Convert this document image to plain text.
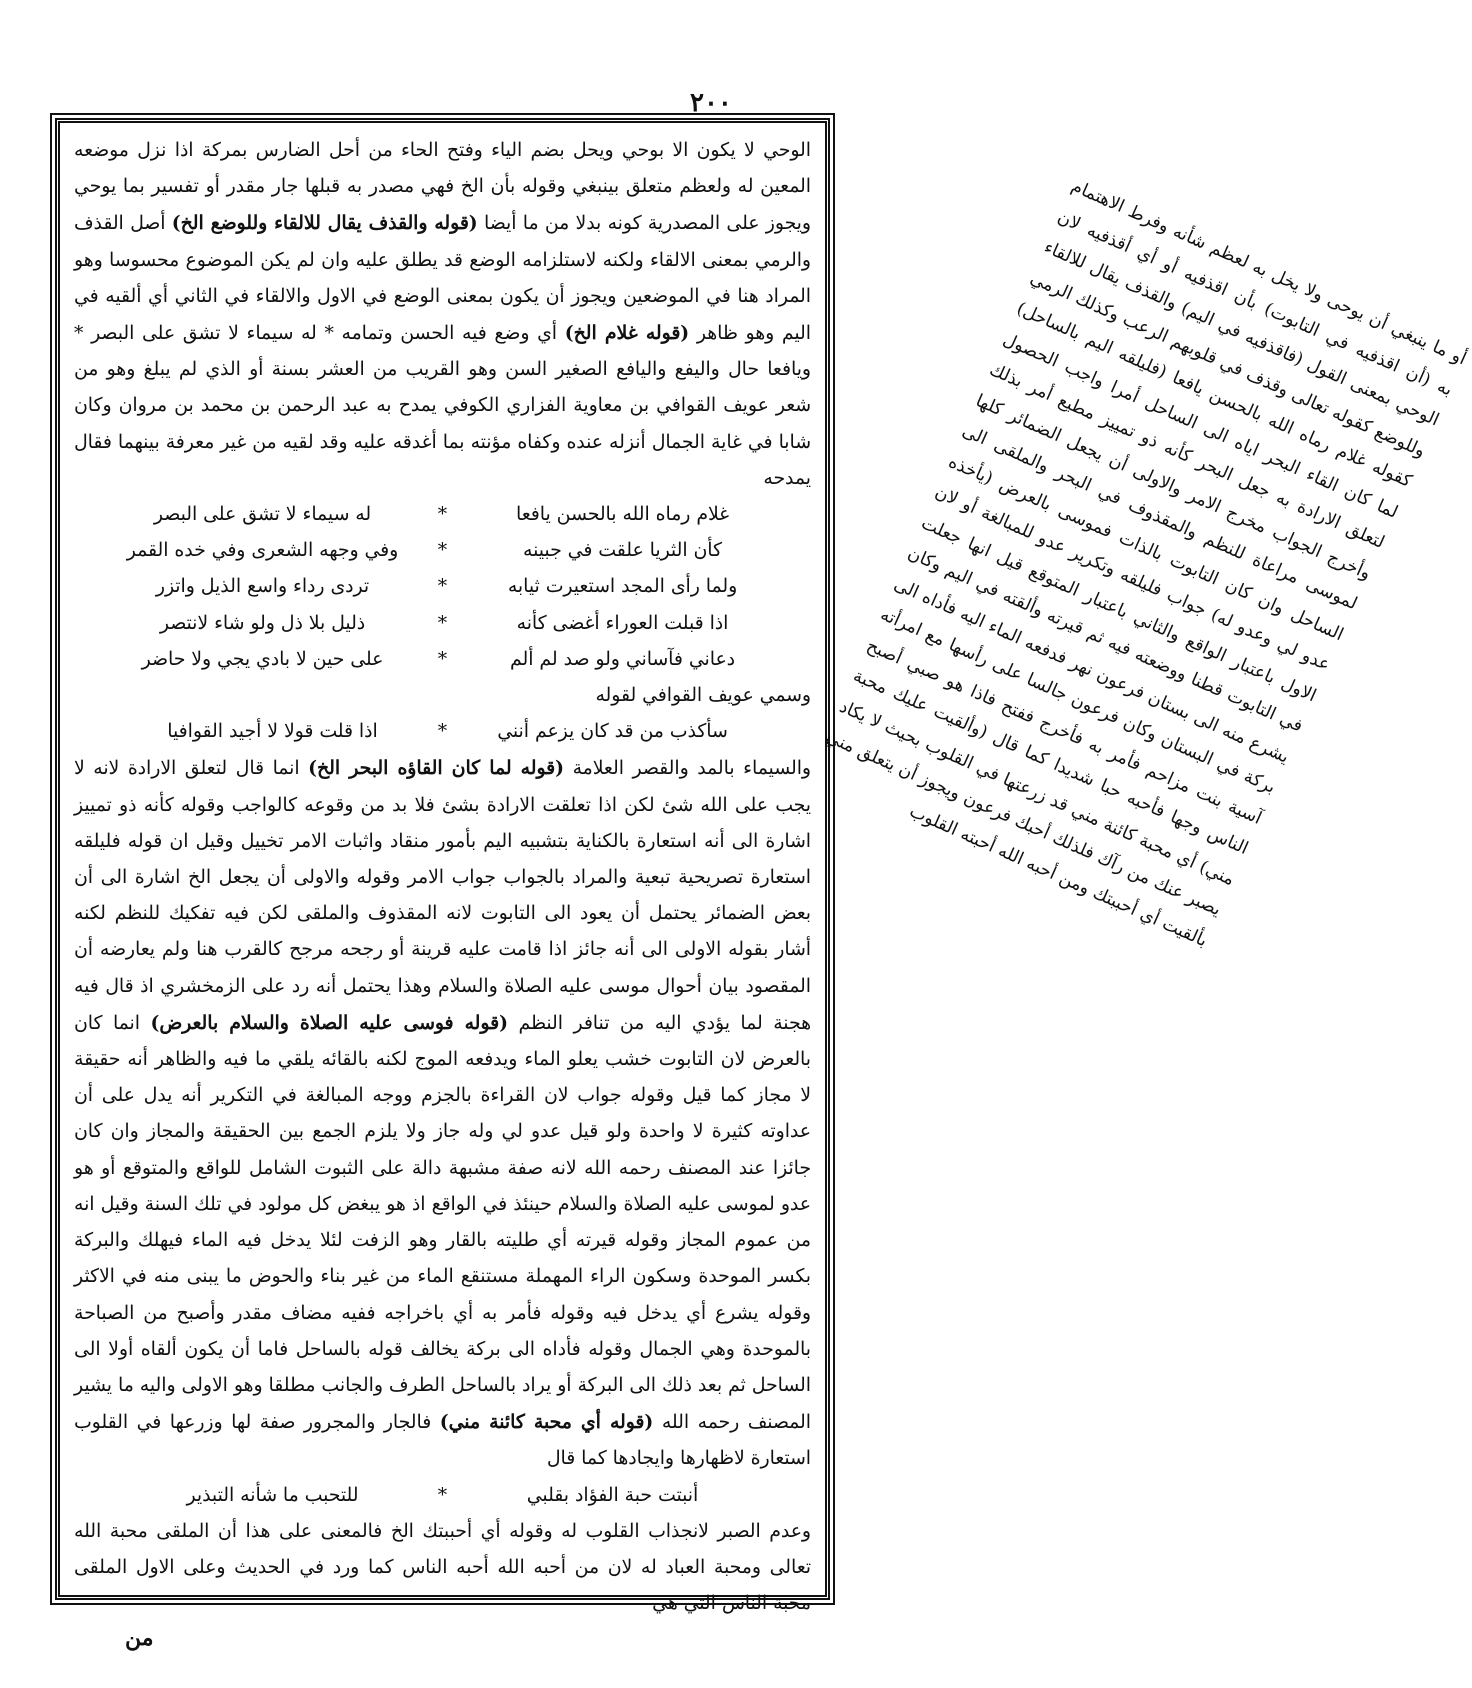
٢٠٠

الوحي لا يكون الا بوحي ويحل بضم الياء وفتح الحاء من أحل الضارس بمركة اذا نزل موضعه المعين له ولعظم متعلق بينبغي وقوله بأن الخ فهي مصدر به قبلها جار مقدر أو تفسير بما يوحي ويجوز على المصدرية كونه بدلا من ما أيضا (قوله والقذف يقال للالقاء وللوضع الخ) أصل القذف والرمي بمعنى الالقاء ولكنه لاستلزامه الوضع قد يطلق عليه وان لم يكن الموضوع محسوسا وهو المراد هنا في الموضعين ويجوز أن يكون بمعنى الوضع في الاول والالقاء في الثاني أي ألقيه في اليم وهو ظاهر (قوله غلام الخ) أي وضع فيه الحسن وتمامه * له سيماء لا تشق على البصر * ويافعا حال واليفع واليافع الصغير السن وهو القريب من العشر بسنة أو الذي لم يبلغ وهو من شعر عويف القوافي بن معاوية الفزاري الكوفي يمدح به عبد الرحمن بن محمد بن مروان وكان شابا في غاية الجمال أنزله عنده وكفاه مؤنته بما أغدقه عليه وقد لقيه من غير معرفة بينهما فقال يمدحه

غلام رماه الله بالحسن يافعا
*
له سيماء لا تشق على البصر
كأن الثريا علقت في جبينه
*
وفي وجهه الشعرى وفي خده القمر
ولما رأى المجد استعيرت ثيابه
*
تردى رداء واسع الذيل واتزر
اذا قبلت العوراء أغضى كأنه
*
ذليل بلا ذل ولو شاء لانتصر
دعاني فآساني ولو صد لم ألم
*
على حين لا بادي يجي ولا حاضر

وسمي عويف القوافي لقوله

سأكذب من قد كان يزعم أنني
*
اذا قلت قولا لا أجيد القوافيا

والسيماء بالمد والقصر العلامة (قوله لما كان القاؤه البحر الخ) انما قال لتعلق الارادة لانه لا يجب على الله شئ لكن اذا تعلقت الارادة بشئ فلا بد من وقوعه كالواجب وقوله كأنه ذو تمييز اشارة الى أنه استعارة بالكناية بتشبيه اليم بأمور منقاد واثبات الامر تخييل وقيل ان قوله فليلقه استعارة تصريحية تبعية والمراد بالجواب جواب الامر وقوله والاولى أن يجعل الخ اشارة الى أن بعض الضمائر يحتمل أن يعود الى التابوت لانه المقذوف والملقى لكن فيه تفكيك للنظم لكنه أشار بقوله الاولى الى أنه جائز اذا قامت عليه قرينة أو رجحه مرجح كالقرب هنا ولم يعارضه أن المقصود بيان أحوال موسى عليه الصلاة والسلام وهذا يحتمل أنه رد على الزمخشري اذ قال فيه هجنة لما يؤدي اليه من تنافر النظم (قوله فوسى عليه الصلاة والسلام بالعرض) انما كان بالعرض لان التابوت خشب يعلو الماء ويدفعه الموج لكنه بالقائه يلقي ما فيه والظاهر أنه حقيقة لا مجاز كما قيل وقوله جواب لان القراءة بالجزم ووجه المبالغة في التكرير أنه يدل على أن عداوته كثيرة لا واحدة ولو قيل عدو لي وله جاز ولا يلزم الجمع بين الحقيقة والمجاز وان كان جائزا عند المصنف رحمه الله لانه صفة مشبهة دالة على الثبوت الشامل للواقع والمتوقع أو هو عدو لموسى عليه الصلاة والسلام حينئذ في الواقع اذ هو يبغض كل مولود في تلك السنة وقيل انه من عموم المجاز وقوله قيرته أي طليته بالقار وهو الزفت لئلا يدخل فيه الماء فيهلك والبركة بكسر الموحدة وسكون الراء المهملة مستنقع الماء من غير بناء والحوض ما يبنى منه في الاكثر وقوله يشرع أي يدخل فيه وقوله فأمر به أي باخراجه ففيه مضاف مقدر وأصبح من الصباحة بالموحدة وهي الجمال وقوله فأداه الى بركة يخالف قوله بالساحل فاما أن يكون ألقاه أولا الى الساحل ثم بعد ذلك الى البركة أو يراد بالساحل الطرف والجانب مطلقا وهو الاولى واليه ما يشير المصنف رحمه الله (قوله أي محبة كائنة مني) فالجار والمجرور صفة لها وزرعها في القلوب استعارة لاظهارها وايجادها كما قال

أنبتت حبة الفؤاد بقلبي
*
للتحبب ما شأنه التبذير

وعدم الصبر لانجذاب القلوب له وقوله أي أحببتك الخ فالمعنى على هذا أن الملقى محبة الله تعالى ومحبة العباد له لان من أحبه الله أحبه الناس كما ورد في الحديث وعلى الاول الملقى محبة الناس التي هي

أو ما ينبغي أن يوحى ولا يخل به لعظم شأنه وفرط الاهتمام به (أن اقذفيه في التابوت) بأن اقذفيه أو أي أقذفيه لان الوحي بمعنى القول (فاقذفيه في اليم) والقذف يقال للالقاء وللوضع كقوله تعالى وقذف في قلوبهم الرعب وكذلك الرمي كقوله غلام رماه الله بالحسن يافعا (فليلقه اليم بالساحل) لما كان القاء البحر اياه الى الساحل أمرا واجب الحصول لتعلق الارادة به جعل البحر كأنه ذو تمييز مطيع أمر بذلك وأخرج الجواب مخرج الامر والاولى أن يجعل الضمائر كلها لموسى مراعاة للنظم والمقذوف في البحر والملقى الى الساحل وان كان التابوت بالذات فموسى بالعرض (يأخذه عدو لي وعدو له) جواب فليلقه وتكرير عدو للمبالغة أو لان الاول باعتبار الواقع والثاني باعتبار المتوقع قيل انها جعلت في التابوت قطنا ووضعته فيه ثم قيرته وألقته في اليم وكان يشرع منه الى بستان فرعون نهر فدفعه الماء اليه فأداه الى بركة في البستان وكان فرعون جالسا على رأسها مع امرأته آسية بنت مزاحم فأمر به فأخرج ففتح فاذا هو صبي أصبح الناس وجها فأحبه حبا شديدا كما قال (وألقيت عليك محبة مني) أي محبة كائنة مني قد زرعتها في القلوب بحيث لا يكاد يصبر عنك من رآك فلذلك أحبك فرعون ويجوز أن يتعلق مني بألقيت أي أحببتك ومن أحبه الله أحبته القلوب

من
